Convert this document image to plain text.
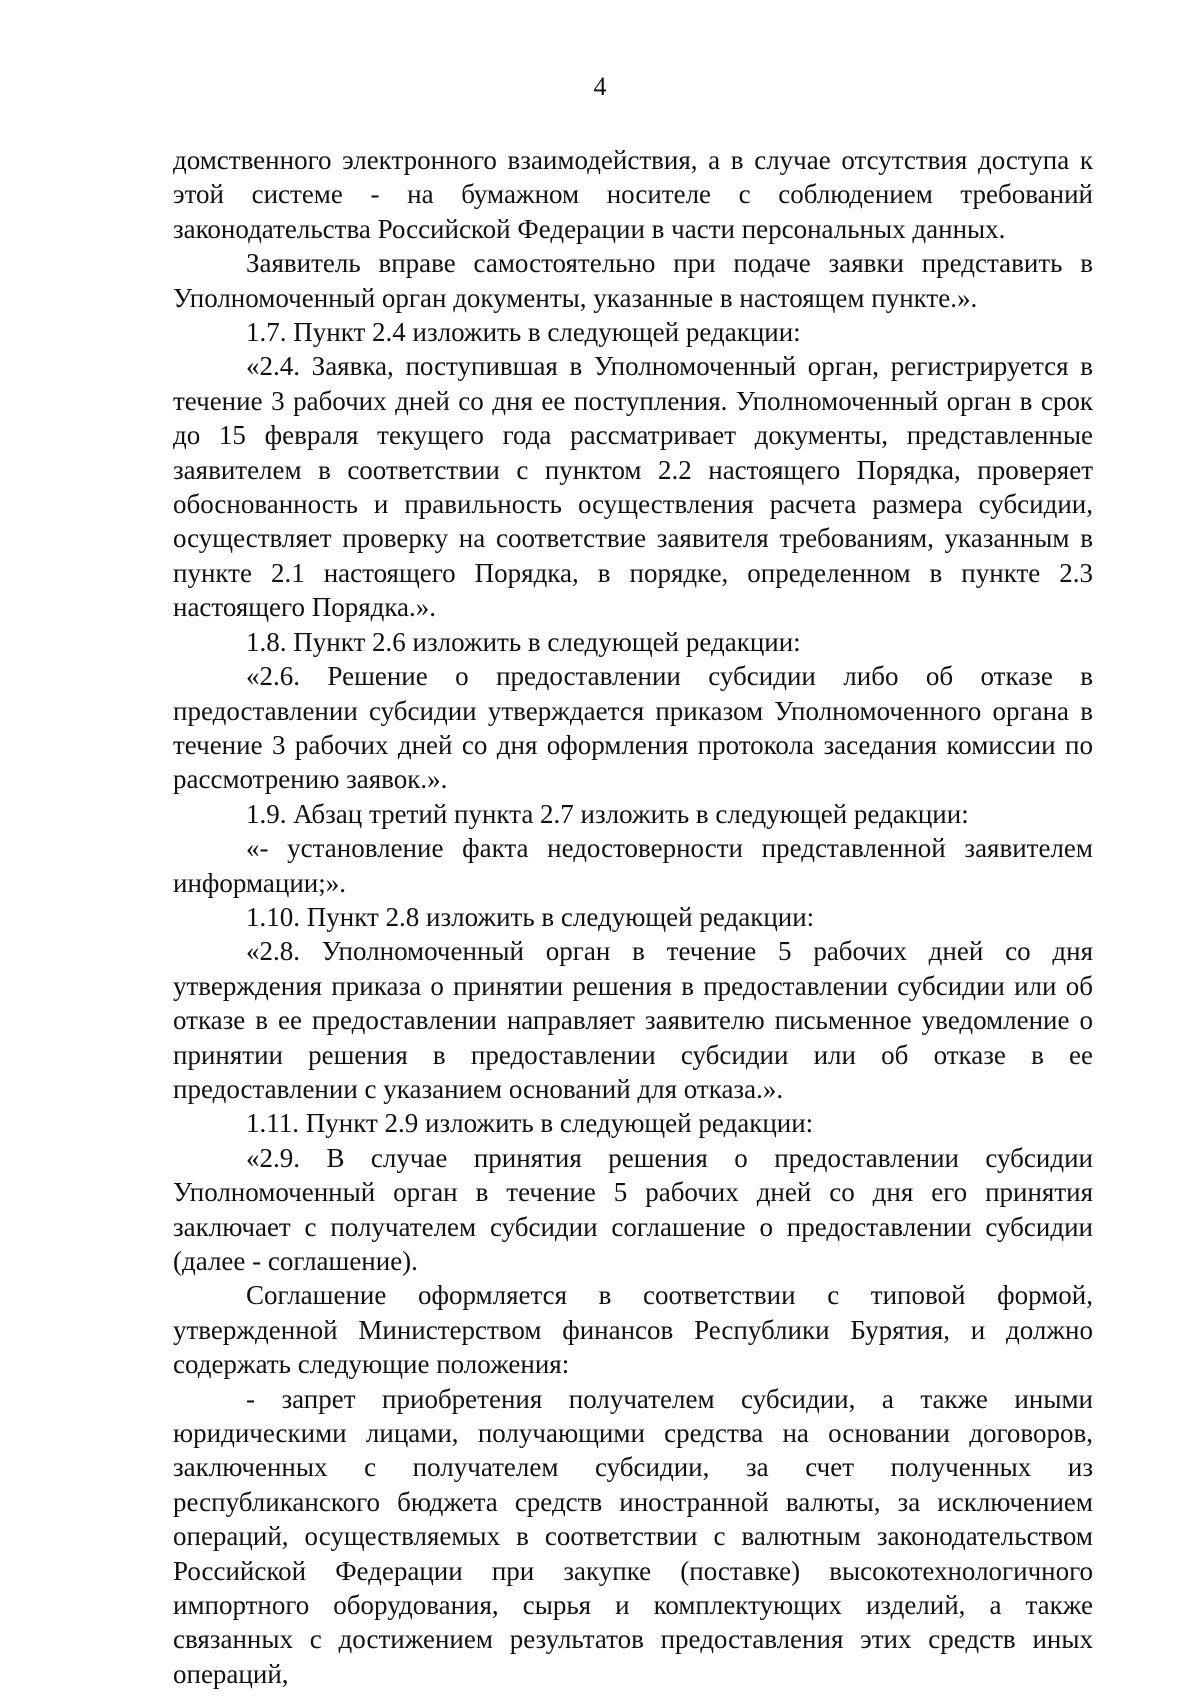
4

домственного электронного взаимодействия, а в случае отсутствия доступа к этой системе - на бумажном носителе с соблюдением требований законодательства Российской Федерации в части персональных данных.

Заявитель вправе самостоятельно при подаче заявки представить в Уполномоченный орган документы, указанные в настоящем пункте.».

1.7. Пункт 2.4 изложить в следующей редакции:

«2.4. Заявка, поступившая в Уполномоченный орган, регистрируется в течение 3 рабочих дней со дня ее поступления. Уполномоченный орган в срок до 15 февраля текущего года рассматривает документы, представленные заявителем в соответствии с пунктом 2.2 настоящего Порядка, проверяет обоснованность и правильность осуществления расчета размера субсидии, осуществляет проверку на соответствие заявителя требованиям, указанным в пункте 2.1 настоящего Порядка, в порядке, определенном в пункте 2.3 настоящего Порядка.».

1.8. Пункт 2.6 изложить в следующей редакции:

«2.6. Решение о предоставлении субсидии либо об отказе в предоставлении субсидии утверждается приказом Уполномоченного органа в течение 3 рабочих дней со дня оформления протокола заседания комиссии по рассмотрению заявок.».

1.9. Абзац третий пункта 2.7 изложить в следующей редакции:

«- установление факта недостоверности представленной заявителем информации;».

1.10. Пункт 2.8 изложить в следующей редакции:

«2.8. Уполномоченный орган в течение 5 рабочих дней со дня утверждения приказа о принятии решения в предоставлении субсидии или об отказе в ее предоставлении направляет заявителю письменное уведомление о принятии решения в предоставлении субсидии или об отказе в ее предоставлении с указанием оснований для отказа.».

1.11. Пункт 2.9 изложить в следующей редакции:

«2.9. В случае принятия решения о предоставлении субсидии Уполномоченный орган в течение 5 рабочих дней со дня его принятия заключает с получателем субсидии соглашение о предоставлении субсидии (далее - соглашение).

Соглашение оформляется в соответствии с типовой формой, утвержденной Министерством финансов Республики Бурятия, и должно содержать следующие положения:

- запрет приобретения получателем субсидии, а также иными юридическими лицами, получающими средства на основании договоров, заключенных с получателем субсидии, за счет полученных из республиканского бюджета средств иностранной валюты, за исключением операций, осуществляемых в соответствии с валютным законодательством Российской Федерации при закупке (поставке) высокотехнологичного импортного оборудования, сырья и комплектующих изделий, а также связанных с достижением результатов предоставления этих средств иных операций,
